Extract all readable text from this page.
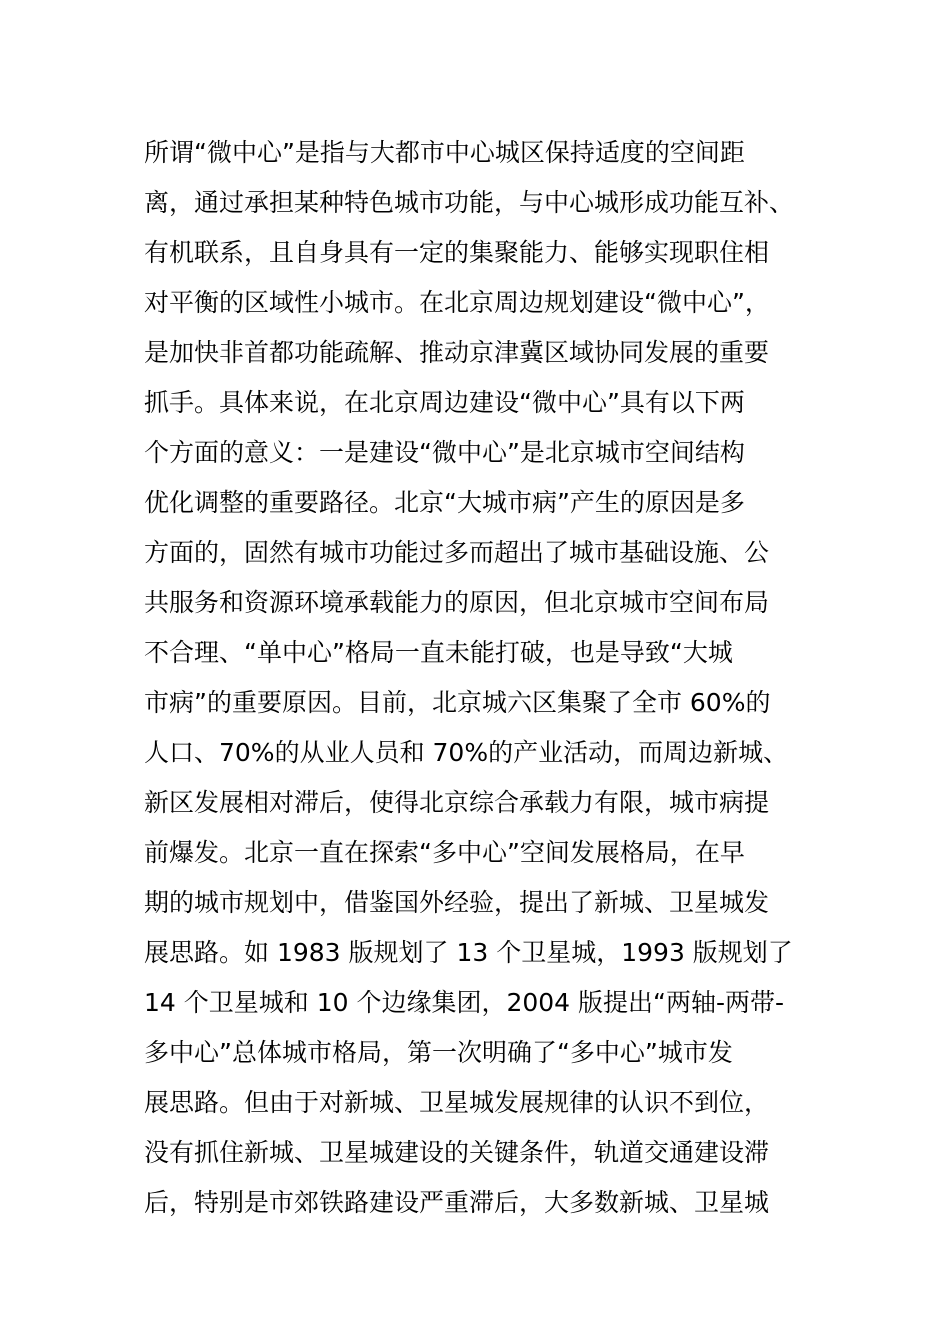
所谓“微中心”是指与大都市中心城区保持适度的空间距
离，通过承担某种特色城市功能，与中心城形成功能互补、
有机联系，且自身具有一定的集聚能力、能够实现职住相
对平衡的区域性小城市。在北京周边规划建设“微中心”，
是加快非首都功能疏解、推动京津冀区域协同发展的重要
抓手。具体来说，在北京周边建设“微中心”具有以下两
个方面的意义：一是建设“微中心”是北京城市空间结构
优化调整的重要路径。北京“大城市病”产生的原因是多
方面的，固然有城市功能过多而超出了城市基础设施、公
共服务和资源环境承载能力的原因，但北京城市空间布局
不合理、“单中心”格局一直未能打破，也是导致“大城
市病”的重要原因。目前，北京城六区集聚了全市 60%的
人口、70%的从业人员和 70%的产业活动，而周边新城、
新区发展相对滞后，使得北京综合承载力有限，城市病提
前爆发。北京一直在探索“多中心”空间发展格局，在早
期的城市规划中，借鉴国外经验，提出了新城、卫星城发
展思路。如 1983 版规划了 13 个卫星城，1993 版规划了
14 个卫星城和 10 个边缘集团，2004 版提出“两轴-两带-
多中心”总体城市格局，第一次明确了“多中心”城市发
展思路。但由于对新城、卫星城发展规律的认识不到位，
没有抓住新城、卫星城建设的关键条件，轨道交通建设滞
后，特别是市郊铁路建设严重滞后，大多数新城、卫星城
